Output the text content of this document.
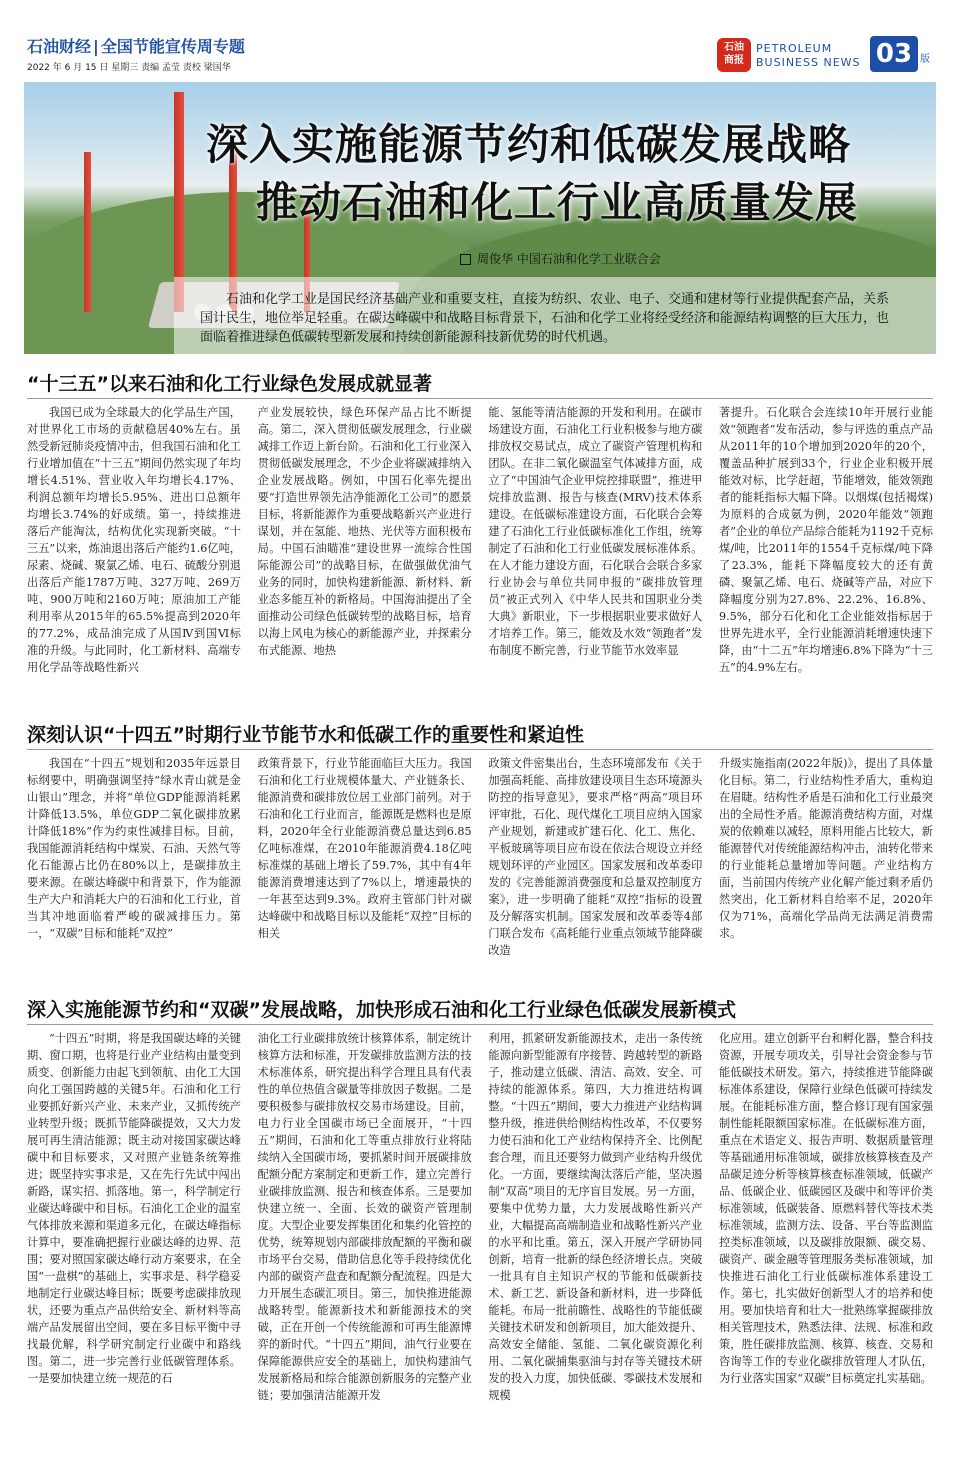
石油财经 | 全国节能宣传周专题
2022 年 6 月 15 日 星期三 责编 孟莹 责校 梁国华
石油
商报
PETROLEUM
BUSINESS NEWS 03 版
深入实施能源节约和低碳发展战略
推动石油和化工行业高质量发展
周俊华 中国石油和化学工业联合会

石油和化学工业是国民经济基础产业和重要支柱，直接为纺织、农业、电子、交通和建材等行业提供配套产品，关系国计民生，地位举足轻重。在碳达峰碳中和战略目标背景下，石油和化学工业将经受经济和能源结构调整的巨大压力，也面临着推进绿色低碳转型新发展和持续创新能源科技新优势的时代机遇。

“十三五”以来石油和化工行业绿色发展成就显著

我国已成为全球最大的化学品生产国，对世界化工市场的贡献稳居40%左右。虽然受新冠肺炎疫情冲击，但我国石油和化工行业增加值在“十三五”期间仍然实现了年均增长4.51%、营业收入年均增长4.17%、利润总额年均增长5.95%、进出口总额年均增长3.74%的好成绩。第一，持续推进落后产能淘汰，结构优化实现新突破。“十三五”以来，炼油退出落后产能约1.6亿吨，尿素、烧碱、聚氯乙烯、电石、硫酸分别退出落后产能1787万吨、327万吨、269万吨、900万吨和2160万吨；原油加工产能利用率从2015年的65.5%提高到2020年的77.2%，成品油完成了从国Ⅳ到国Ⅵ标准的升级。与此同时，化工新材料、高端专用化学品等战略性新兴

产业发展较快，绿色环保产品占比不断提高。第二，深入贯彻低碳发展理念，行业碳减排工作迈上新台阶。石油和化工行业深入贯彻低碳发展理念，不少企业将碳减排纳入企业发展战略。例如，中国石化率先提出要“打造世界领先洁净能源化工公司”的愿景目标，将新能源作为重要战略新兴产业进行谋划，并在氢能、地热、光伏等方面积极布局。中国石油瞄准“建设世界一流综合性国际能源公司”的战略目标，在做强做优油气业务的同时，加快构建新能源、新材料、新业态多能互补的新格局。中国海油提出了全面推动公司绿色低碳转型的战略目标，培育以海上风电为核心的新能源产业，并探索分布式能源、地热

能、氢能等清洁能源的开发和利用。在碳市场建设方面，石油化工行业积极参与地方碳排放权交易试点，成立了碳资产管理机构和团队。在非二氧化碳温室气体减排方面，成立了“中国油气企业甲烷控排联盟”，推进甲烷排放监测、报告与核查(MRV)技术体系建设。在低碳标准建设方面，石化联合会筹建了石油化工行业低碳标准化工作组，统筹制定了石油和化工行业低碳发展标准体系。在人才能力建设方面，石化联合会联合多家行业协会与单位共同申报的“碳排放管理员”被正式列入《中华人民共和国职业分类大典》新职业，下一步根据职业要求做好人才培养工作。第三，能效及水效“领跑者”发布制度不断完善，行业节能节水效率显

著提升。石化联合会连续10年开展行业能效“领跑者”发布活动，参与评选的重点产品从2011年的10个增加到2020年的20个，覆盖品种扩展到33个，行业企业积极开展能效对标，比学赶超，节能增效，能效领跑者的能耗指标大幅下降。以烟煤(包括褐煤)为原料的合成氨为例，2020年能效“领跑者”企业的单位产品综合能耗为1192千克标煤/吨，比2011年的1554千克标煤/吨下降了23.3%，能耗下降幅度较大的还有黄磷、聚氯乙烯、电石、烧碱等产品，对应下降幅度分别为27.8%、22.2%、16.8%、9.5%，部分石化和化工企业能效指标居于世界先进水平，全行业能源消耗增速快速下降，由“十二五”年均增速6.8%下降为“十三五”的4.9%左右。

深刻认识“十四五”时期行业节能节水和低碳工作的重要性和紧迫性

我国在“十四五”规划和2035年远景目标纲要中，明确强调坚持“绿水青山就是金山银山”理念，并将“单位GDP能源消耗累计降低13.5%，单位GDP二氧化碳排放累计降低18%”作为约束性减排目标。目前，我国能源消耗结构中煤炭、石油、天然气等化石能源占比仍在80%以上，是碳排放主要来源。在碳达峰碳中和背景下，作为能源生产大户和消耗大户的石油和化工行业，首当其冲地面临着严峻的碳减排压力。第一，“双碳”目标和能耗“双控”

政策背景下，行业节能面临巨大压力。我国石油和化工行业规模体量大、产业链条长、能源消费和碳排放位居工业部门前列。对于石油和化工行业而言，能源既是燃料也是原料，2020年全行业能源消费总量达到6.85亿吨标准煤，在2010年能源消费4.18亿吨标准煤的基础上增长了59.7%，其中有4年能源消费增速达到了7%以上，增速最快的一年甚至达到9.3%。政府主管部门针对碳达峰碳中和战略目标以及能耗“双控”目标的相关

政策文件密集出台，生态环境部发布《关于加强高耗能、高排放建设项目生态环境源头防控的指导意见》，要求严格“两高”项目环评审批，石化、现代煤化工项目应纳入国家产业规划，新建或扩建石化、化工、焦化、平板玻璃等项目应布设在依法合规设立并经规划环评的产业园区。国家发展和改革委印发的《完善能源消费强度和总量双控制度方案》，进一步明确了能耗“双控”指标的设置及分解落实机制。国家发展和改革委等4部门联合发布《高耗能行业重点领域节能降碳改造

升级实施指南(2022年版)》，提出了具体量化目标。第二，行业结构性矛盾大，重构迫在眉睫。结构性矛盾是石油和化工行业最突出的全局性矛盾。能源消费结构方面，对煤炭的依赖难以减轻，原料用能占比较大，新能源替代对传统能源结构冲击，油转化带来的行业能耗总量增加等问题。产业结构方面，当前国内传统产业化解产能过剩矛盾仍然突出，化工新材料自给率不足，2020年仅为71%，高端化学品尚无法满足消费需求。

深入实施能源节约和“双碳”发展战略，加快形成石油和化工行业绿色低碳发展新模式

“十四五”时期，将是我国碳达峰的关键期、窗口期，也将是行业产业结构由量变到质变、创新能力由起飞到领航、由化工大国向化工强国跨越的关键5年。石油和化工行业要抓好新兴产业、未来产业，又抓传统产业转型升级；既抓节能降碳提效，又大力发展可再生清洁能源；既主动对接国家碳达峰碳中和目标要求，又对照产业链条统筹推进；既坚持实事求是，又在先行先试中闯出新路，谋实招、抓落地。第一，科学制定行业碳达峰碳中和目标。石油化工企业的温室气体排放来源和渠道多元化，在碳达峰指标计算中，要准确把握行业碳达峰的边界、范围；要对照国家碳达峰行动方案要求，在全国“一盘棋”的基础上，实事求是、科学稳妥地制定行业碳达峰目标；既要考虑碳排放现状，还要为重点产品供给安全、新材料等高端产品发展留出空间，要在多目标平衡中寻找最优解，科学研究制定行业碳中和路线图。第二，进一步完善行业低碳管理体系。一是要加快建立统一规范的石

油化工行业碳排放统计核算体系，制定统计核算方法和标准，开发碳排放监测方法的技术标准体系，研究提出科学合理且具有代表性的单位热值含碳量等排放因子数据。二是要积极参与碳排放权交易市场建设。目前，电力行业全国碳市场已全面展开，“十四五”期间，石油和化工等重点排放行业将陆续纳入全国碳市场，要抓紧时间开展碳排放配额分配方案制定和更新工作，建立完善行业碳排放监测、报告和核查体系。三是要加快建立统一、全面、长效的碳资产管理制度。大型企业要发挥集团化和集约化管控的优势，统筹规划内部碳排放配额的平衡和碳市场平台交易，借助信息化等手段持续优化内部的碳资产盘查和配额分配流程。四是大力开展生态碳汇项目。第三，加快推进能源战略转型。能源新技术和新能源技术的突破，正在开创一个传统能源和可再生能源博弈的新时代。“十四五”期间，油气行业要在保障能源供应安全的基础上，加快构建油气发展新格局和综合能源创新服务的完整产业链；要加强清洁能源开发

利用，抓紧研发新能源技术，走出一条传统能源向新型能源有序接替、跨越转型的新路子，推动建立低碳、清洁、高效、安全、可持续的能源体系。第四，大力推进结构调整。“十四五”期间，要大力推进产业结构调整升级，推进供给侧结构性改革，不仅要努力使石油和化工产业结构保持齐全、比例配套合理，而且还要努力做到产业结构升级优化。一方面，要继续淘汰落后产能，坚决遏制“双高”项目的无序盲目发展。另一方面，要集中优势力量，大力发展战略性新兴产业，大幅提高高端制造业和战略性新兴产业的水平和比重。第五，深入开展产学研协同创新，培育一批新的绿色经济增长点。突破一批具有自主知识产权的节能和低碳新技术、新工艺、新设备和新材料，进一步降低能耗。布局一批前瞻性、战略性的节能低碳关键技术研发和创新项目，加大能效提升、高效安全储能、氢能、二氧化碳资源化利用、二氧化碳捕集驱油与封存等关键技术研发的投入力度，加快低碳、零碳技术发展和规模

化应用。建立创新平台和孵化器，整合科技资源，开展专项攻关，引导社会资金参与节能低碳技术研发。第六，持续推进节能降碳标准体系建设，保障行业绿色低碳可持续发展。在能耗标准方面，整合修订现有国家强制性能耗限额国家标准。在低碳标准方面，重点在术语定义、报告声明、数据质量管理等基础通用标准领域，碳排放核算核查及产品碳足迹分析等核算核查标准领域，低碳产品、低碳企业、低碳园区及碳中和等评价类标准领域，低碳装备、原燃料替代等技术类标准领域，监测方法、设备、平台等监测监控类标准领域，以及碳排放限额、碳交易、碳资产、碳金融等管理服务类标准领域，加快推进石油化工行业低碳标准体系建设工作。第七，扎实做好创新型人才的培养和使用。要加快培育和壮大一批熟练掌握碳排放相关管理技术，熟悉法律、法规、标准和政策，胜任碳排放监测、核算、核查、交易和咨询等工作的专业化碳排放管理人才队伍，为行业落实国家“双碳”目标奠定扎实基础。
